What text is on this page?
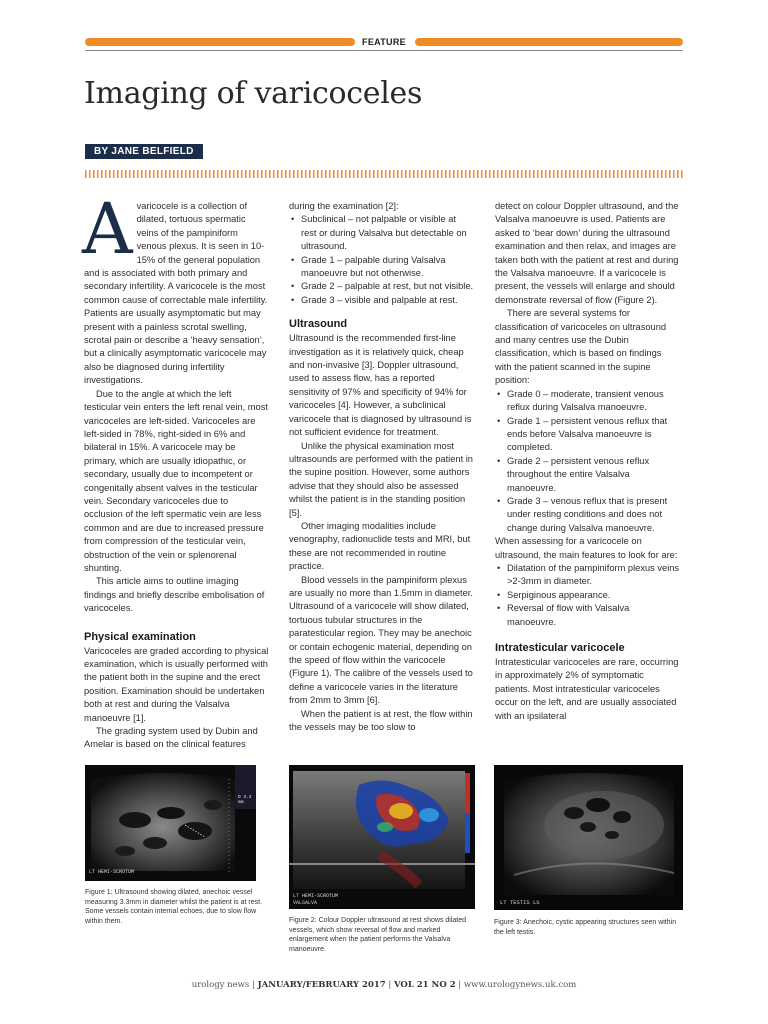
FEATURE
Imaging of varicoceles
BY JANE BELFIELD

Avaricocele is a collection of dilated, tortuous spermatic veins of the pampiniform venous plexus. It is seen in 10-15% of the general population and is associated with both primary and secondary infertility. A varicocele is the most common cause of correctable male infertility. Patients are usually asymptomatic but may present with a painless scrotal swelling, scrotal pain or describe a ‘heavy sensation’, but a clinically asymptomatic varicocele may also be diagnosed during infertility investigations.

Due to the angle at which the left testicular vein enters the left renal vein, most varicoceles are left-sided. Varicoceles are left-sided in 78%, right-sided in 6% and bilateral in 15%. A varicocele may be primary, which are usually idiopathic, or secondary, usually due to incompetent or congenitally absent valves in the testicular vein. Secondary varicoceles due to occlusion of the left spermatic vein are less common and are due to increased pressure from compression of the testicular vein, obstruction of the vein or splenorenal shunting.

This article aims to outline imaging findings and briefly describe embolisation of varicoceles.

Physical examination

Varicoceles are graded according to physical examination, which is usually performed with the patient both in the supine and the erect position. Examination should be undertaken both at rest and during the Valsalva manoeuvre [1].

The grading system used by Dubin and Amelar is based on the clinical features

during the examination [2]:

• Subclinical – not palpable or visible at rest or during Valsalva but detectable on ultrasound.
• Grade 1 – palpable during Valsalva manoeuvre but not otherwise.
• Grade 2 – palpable at rest, but not visible.
• Grade 3 – visible and palpable at rest.
Ultrasound

Ultrasound is the recommended first-line investigation as it is relatively quick, cheap and non-invasive [3]. Doppler ultrasound, used to assess flow, has a reported sensitivity of 97% and specificity of 94% for varicoceles [4]. However, a subclinical varicocele that is diagnosed by ultrasound is not sufficient evidence for treatment.

Unlike the physical examination most ultrasounds are performed with the patient in the supine position. However, some authors advise that they should also be assessed whilst the patient is in the standing position [5].

Other imaging modalities include venography, radionuclide tests and MRI, but these are not recommended in routine practice.

Blood vessels in the pampiniform plexus are usually no more than 1.5mm in diameter. Ultrasound of a varicocele will show dilated, tortuous tubular structures in the paratesticular region. They may be anechoic or contain echogenic material, depending on the speed of flow within the varicocele (Figure 1). The calibre of the vessels used to define a varicocele varies in the literature from 2mm to 3mm [6].

When the patient is at rest, the flow within the vessels may be too slow to

detect on colour Doppler ultrasound, and the Valsalva manoeuvre is used. Patients are asked to ‘bear down’ during the ultrasound examination and then relax, and images are taken both with the patient at rest and during the Valsalva manoeuvre. If a varicocele is present, the vessels will enlarge and should demonstrate reversal of flow (Figure 2).

There are several systems for classification of varicoceles on ultrasound and many centres use the Dubin classification, which is based on findings with the patient scanned in the supine position:

• Grade 0 – moderate, transient venous reflux during Valsalva manoeuvre.
• Grade 1 – persistent venous reflux that ends before Valsalva manoeuvre is completed.
• Grade 2 – persistent venous reflux throughout the entire Valsalva manoeuvre.
• Grade 3 – venous reflux that is present under resting conditions and does not change during Valsalva manoeuvre.

When assessing for a varicocele on ultrasound, the main features to look for are:

• Dilatation of the pampiniform plexus veins >2-3mm in diameter.
• Serpiginous appearance.
• Reversal of flow with Valsalva manoeuvre.
Intratesticular varicocele

Intratesticular varicoceles are rare, occurring in approximately 2% of symptomatic patients. Most intratesticular varicoceles occur on the left, and are usually associated with an ipsilateral

D 3.3 mm
LT HEMI-SCROTUM
Figure 1: Ultrasound showing dilated, anechoic vessel measuring 3.3mm in diameter whilst the patient is at rest. Some vessels contain internal echoes, due to slow flow within them.
LT HEMI-SCROTUM
VALSALVA
Figure 2: Colour Doppler ultrasound at rest shows dilated vessels, which show reversal of flow and marked enlargement when the patient performs the Valsalva manoeuvre.
LT TESTIS LS
Figure 3: Anechoic, cystic appearing structures seen within the left testis.
urology news | JANUARY/FEBRUARY 2017 | VOL 21 NO 2 | www.urologynews.uk.com
